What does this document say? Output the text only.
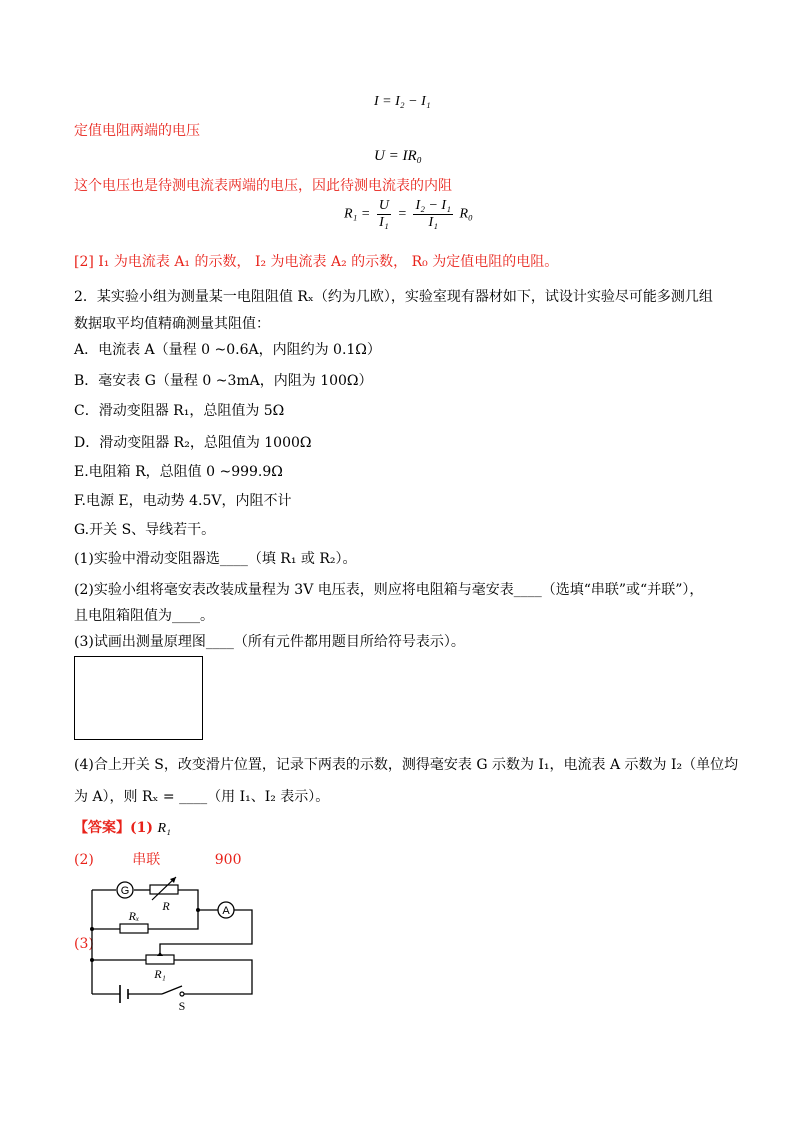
I = I₂ − I₁
定值电阻两端的电压
U = IR₀
这个电压也是待测电流表两端的电压，因此待测电流表的内阻
$R_1 = \frac{U}{\text{I₁}} = \frac{\text{I₂ − I₁}}{\text{I₁}} R_0$
[2] I₁ 为电流表 A₁ 的示数， I₂ 为电流表 A₂ 的示数， R₀ 为定值电阻的电阻。
2．某实验小组为测量某一电阻阻值 Rₓ（约为几欧），实验室现有器材如下，试设计实验尽可能多测几组
数据取平均值精确测量其阻值：
A．电流表 A（量程 0 ~0.6A，内阻约为 0.1Ω）
B．毫安表 G（量程 0 ~3mA，内阻为 100Ω）
C．滑动变阻器 R₁，总阻值为 5Ω
D．滑动变阻器 R₂，总阻值为 1000Ω
E.电阻箱 R，总阻值 0 ~999.9Ω
F.电源 E，电动势 4.5V，内阻不计
G.开关 S、导线若干。
(1)实验中滑动变阻器选____（填 R₁ 或 R₂）。
(2)实验小组将毫安表改装成量程为 3V 电压表，则应将电阻箱与毫安表____（选填“串联”或“并联”），
且电阻箱阻值为____。
(3)试画出测量原理图____（所有元件都用题目所给符号表示）。
(4)合上开关 S，改变滑片位置，记录下两表的示数，测得毫安表 G 示数为 I₁，电流表 A 示数为 I₂（单位均
为 A），则 Rₓ = ____（用 I₁、I₂ 表示）。
【答案】(1) R₁
(2)	串联	900
(3)
G
R	A
Rₓ
R₁
S
